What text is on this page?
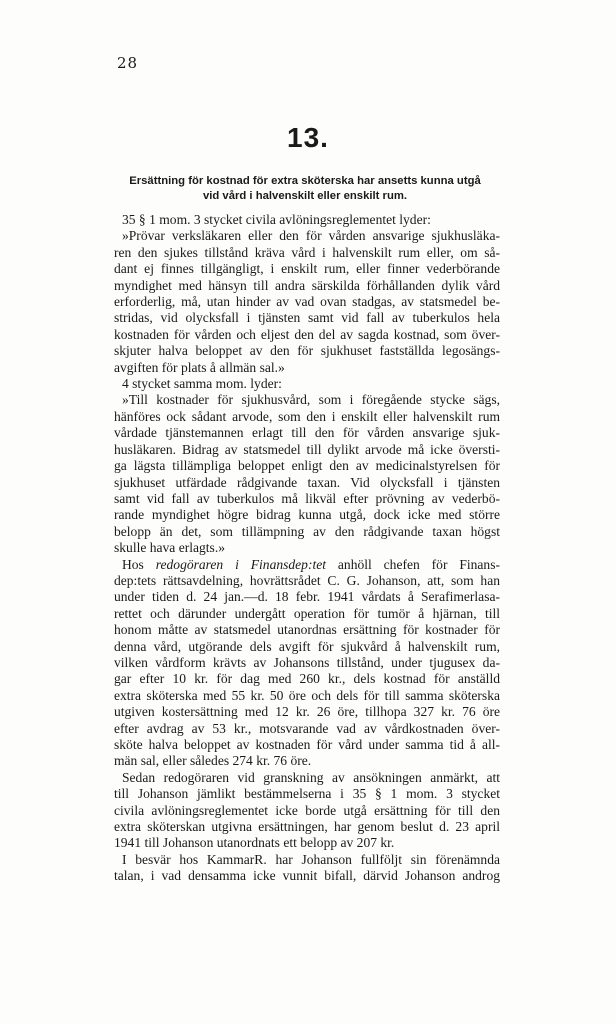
28
13.
Ersättning för kostnad för extra sköterska har ansetts kunna utgå
vid vård i halvenskilt eller enskilt rum.

35 § 1 mom. 3 stycket civila avlöningsreglementet lyder:

»Prövar verksläkaren eller den för vården ansvarige sjukhusläka-
ren den sjukes tillstånd kräva vård i halvenskilt rum eller, om så-
dant ej finnes tillgängligt, i enskilt rum, eller finner vederbörande
myndighet med hänsyn till andra särskilda förhållanden dylik vård
erforderlig, må, utan hinder av vad ovan stadgas, av statsmedel be-
stridas, vid olycksfall i tjänsten samt vid fall av tuberkulos hela
kostnaden för vården och eljest den del av sagda kostnad, som över-
skjuter halva beloppet av den för sjukhuset fastställda legosängs-
avgiften för plats å allmän sal.»

4 stycket samma mom. lyder:

»Till kostnader för sjukhusvård, som i föregående stycke sägs,
hänföres ock sådant arvode, som den i enskilt eller halvenskilt rum
vårdade tjänstemannen erlagt till den för vården ansvarige sjuk-
husläkaren. Bidrag av statsmedel till dylikt arvode må icke översti-
ga lägsta tillämpliga beloppet enligt den av medicinalstyrelsen för
sjukhuset utfärdade rådgivande taxan. Vid olycksfall i tjänsten
samt vid fall av tuberkulos må likväl efter prövning av vederbö-
rande myndighet högre bidrag kunna utgå, dock icke med större
belopp än det, som tillämpning av den rådgivande taxan högst
skulle hava erlagts.»

Hos redogöraren i Finansdep:tet anhöll chefen för Finans-
dep:tets rättsavdelning, hovrättsrådet C. G. Johanson, att, som han
under tiden d. 24 jan.—d. 18 febr. 1941 vårdats å Serafimerlasa-
rettet och därunder undergått operation för tumör å hjärnan, till
honom måtte av statsmedel utanordnas ersättning för kostnader för
denna vård, utgörande dels avgift för sjukvård å halvenskilt rum,
vilken vårdform krävts av Johansons tillstånd, under tjugusex da-
gar efter 10 kr. för dag med 260 kr., dels kostnad för anställd
extra sköterska med 55 kr. 50 öre och dels för till samma sköterska
utgiven kostersättning med 12 kr. 26 öre, tillhopa 327 kr. 76 öre
efter avdrag av 53 kr., motsvarande vad av vårdkostnaden över-
sköte halva beloppet av kostnaden för vård under samma tid å all-
män sal, eller således 274 kr. 76 öre.

Sedan redogöraren vid granskning av ansökningen anmärkt, att
till Johanson jämlikt bestämmelserna i 35 § 1 mom. 3 stycket
civila avlöningsreglementet icke borde utgå ersättning för till den
extra sköterskan utgivna ersättningen, har genom beslut d. 23 april
1941 till Johanson utanordnats ett belopp av 207 kr.

I besvär hos KammarR. har Johanson fullföljt sin förenämnda
talan, i vad densamma icke vunnit bifall, därvid Johanson androg
